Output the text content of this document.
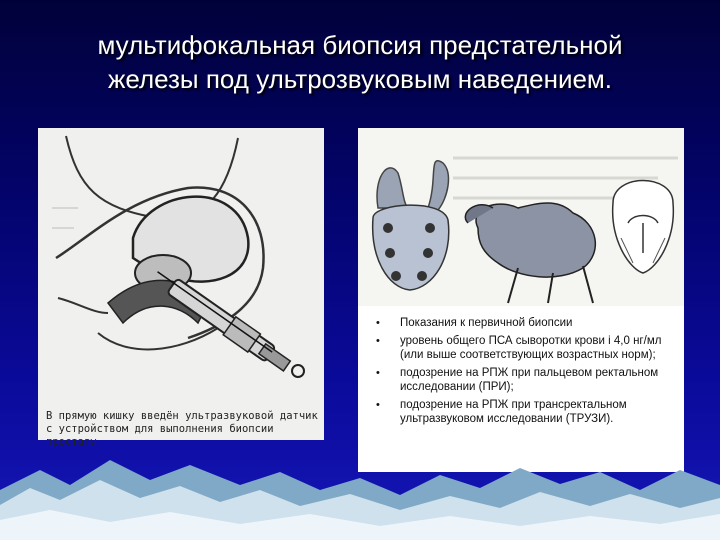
мультифокальная биопсия предстательной
железы под ультрозвуковым наведением.
В прямую кишку введён ультразвуковой датчик
с устройством для выполнения биопсии простаты
• Показания к первичной биопсии
• уровень общего ПСА сыворотки крови і 4,0 нг/мл (или выше соответствующих возрастных норм);
• подозрение на РПЖ при пальцевом ректальном исследовании (ПРИ);
• подозрение на РПЖ при трансректальном ультразвуковом исследовании (ТРУЗИ).
